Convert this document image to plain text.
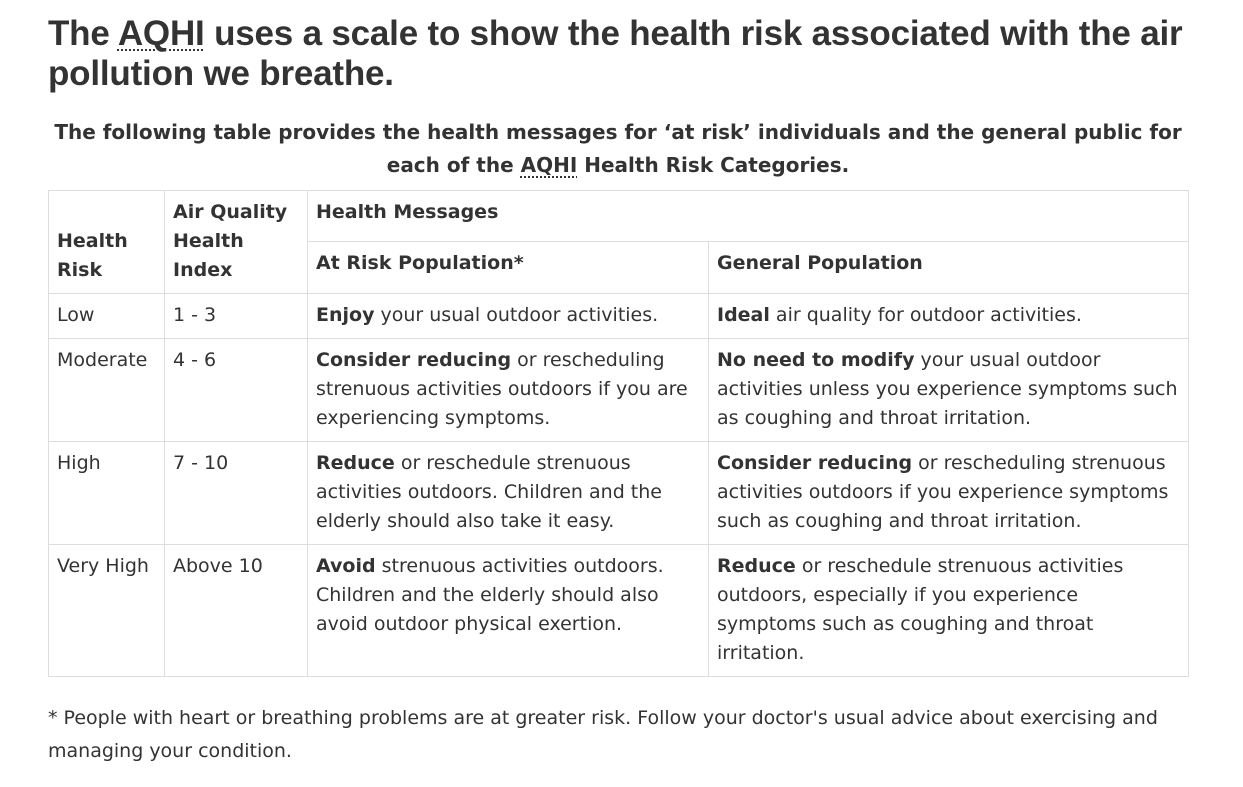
The AQHI uses a scale to show the health risk associated with the air pollution we breathe.

The following table provides the health messages for ‘at risk’ individuals and the general public for each of the AQHI Health Risk Categories.

Health Risk	Air Quality Health Index	Health Messages	
		At Risk Population*	General Population
Low	1 - 3	Enjoy your usual outdoor activities.	Ideal air quality for outdoor activities.
Moderate	4 - 6	Consider reducing or rescheduling strenuous activities outdoors if you are experiencing symptoms.	No need to modify your usual outdoor activities unless you experience symptoms such as coughing and throat irritation.
High	7 - 10	Reduce or reschedule strenuous activities outdoors. Children and the elderly should also take it easy.	Consider reducing or rescheduling strenuous activities outdoors if you experience symptoms such as coughing and throat irritation.
Very High	Above 10	Avoid strenuous activities outdoors. Children and the elderly should also avoid outdoor physical exertion.	Reduce or reschedule strenuous activities outdoors, especially if you experience symptoms such as coughing and throat irritation.

* People with heart or breathing problems are at greater risk. Follow your doctor's usual advice about exercising and managing your condition.
